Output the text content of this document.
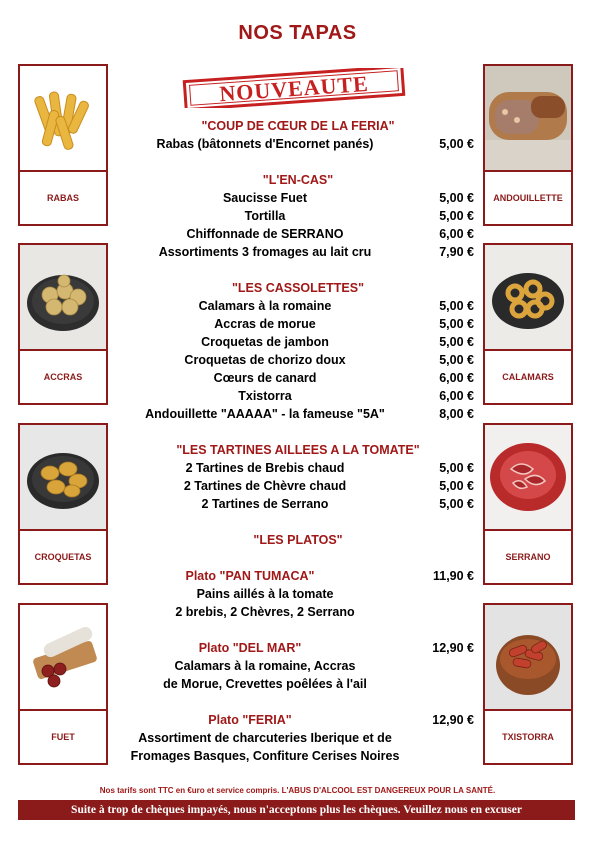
NOS TAPAS
NOUVEAUTE
RABAS
ACCRAS
CROQUETAS
FUET
ANDOUILLETTE
CALAMARS
SERRANO
TXISTORRA
"COUP DE CŒUR DE LA FERIA"
Rabas (bâtonnets d'Encornet panés)	5,00 €
"L'EN-CAS"
Saucisse Fuet	5,00 €
Tortilla	5,00 €
Chiffonnade de SERRANO	6,00 €
Assortiments 3 fromages au lait cru	7,90 €
"LES CASSOLETTES"
Calamars à la romaine	5,00 €
Accras de morue	5,00 €
Croquetas de jambon	5,00 €
Croquetas de chorizo doux	5,00 €
Cœurs de canard	6,00 €
Txistorra	6,00 €
Andouillette "AAAAA" - la fameuse "5A"	8,00 €
"LES TARTINES AILLEES A LA TOMATE"
2 Tartines de Brebis chaud	5,00 €
2 Tartines de Chèvre chaud	5,00 €
2 Tartines de Serrano	5,00 €
"LES PLATOS"
Plato "PAN TUMACA"	11,90 €
Pains aillés à la tomate
2 brebis, 2 Chèvres, 2 Serrano
Plato "DEL MAR"	12,90 €
Calamars à la romaine, Accras
de Morue, Crevettes poêlées à l'ail
Plato "FERIA"	12,90 €
Assortiment de charcuteries Iberique et de
Fromages Basques, Confiture Cerises Noires
Nos tarifs sont TTC en €uro et service compris. L'ABUS D'ALCOOL EST DANGEREUX POUR LA SANTÉ.
Suite à trop de chèques impayés, nous n'acceptons plus les chèques. Veuillez nous en excuser
